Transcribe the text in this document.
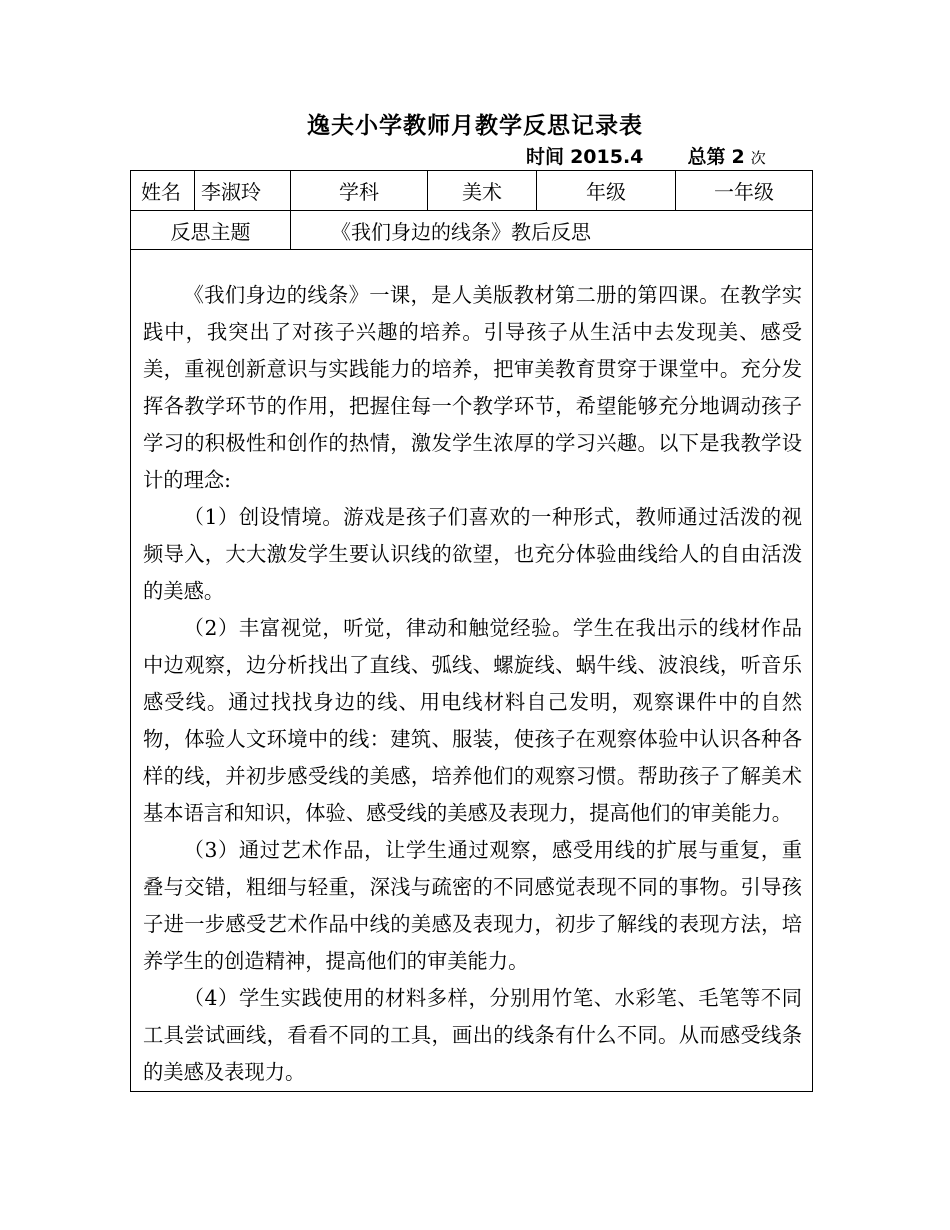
逸夫小学教师月教学反思记录表
时间 2015.4 总第 2 次
姓名	李淑玲	学科	美术	年级	一年级
反思主题		《我们身边的线条》教后反思			

《我们身边的线条》一课，是人美版教材第二册的第四课。在教学实践中，我突出了对孩子兴趣的培养。引导孩子从生活中去发现美、感受美，重视创新意识与实践能力的培养，把审美教育贯穿于课堂中。充分发挥各教学环节的作用，把握住每一个教学环节，希望能够充分地调动孩子学习的积极性和创作的热情，激发学生浓厚的学习兴趣。以下是我教学设计的理念:

（1）创设情境。游戏是孩子们喜欢的一种形式，教师通过活泼的视频导入，大大激发学生要认识线的欲望，也充分体验曲线给人的自由活泼的美感。

（2）丰富视觉，听觉，律动和触觉经验。学生在我出示的线材作品中边观察，边分析找出了直线、弧线、螺旋线、蜗牛线、波浪线，听音乐感受线。通过找找身边的线、用电线材料自己发明，观察课件中的自然物，体验人文环境中的线：建筑、服装，使孩子在观察体验中认识各种各样的线，并初步感受线的美感，培养他们的观察习惯。帮助孩子了解美术基本语言和知识，体验、感受线的美感及表现力，提高他们的审美能力。

（3）通过艺术作品，让学生通过观察，感受用线的扩展与重复，重叠与交错，粗细与轻重，深浅与疏密的不同感觉表现不同的事物。引导孩子进一步感受艺术作品中线的美感及表现力，初步了解线的表现方法，培养学生的创造精神，提高他们的审美能力。

（4）学生实践使用的材料多样，分别用竹笔、水彩笔、毛笔等不同工具尝试画线，看看不同的工具，画出的线条有什么不同。从而感受线条的美感及表现力。					
